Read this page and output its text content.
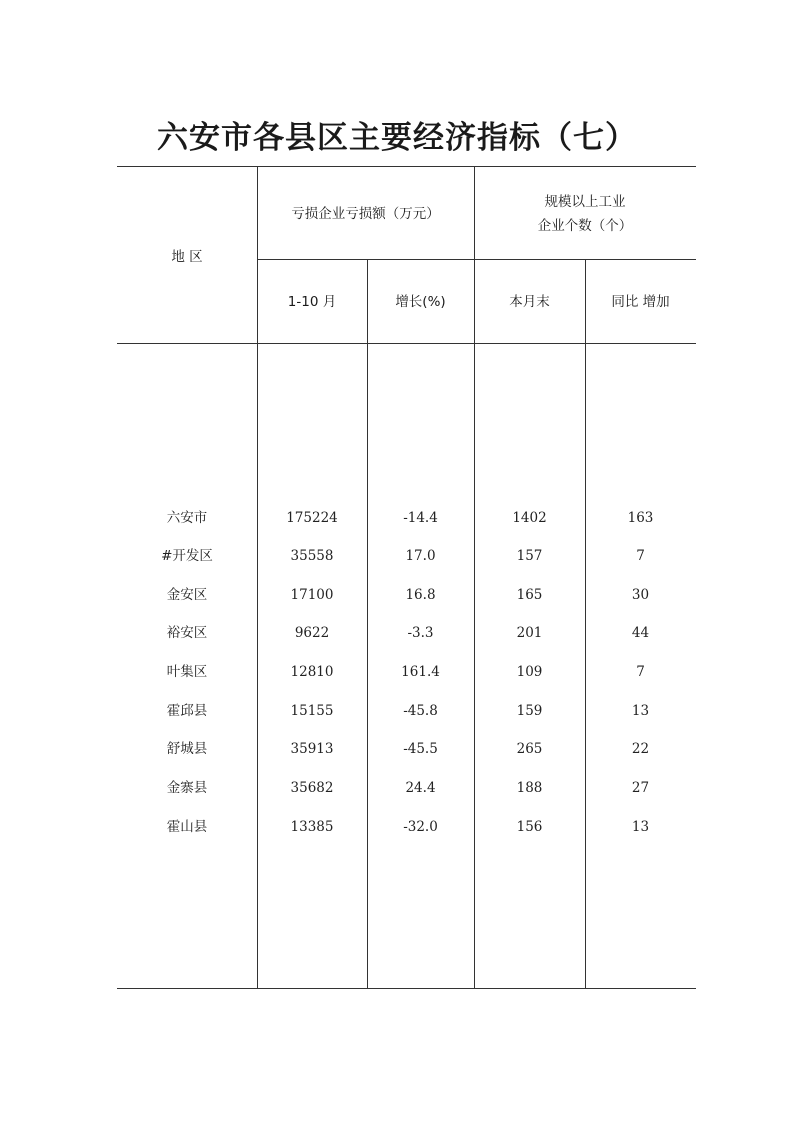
六安市各县区主要经济指标（七）
地 区
亏损企业亏损额（万元）
规模以上工业
企业个数（个）
1-10 月	增长(%)	本月末	同比 增加
六安市	175224	-14.4	1402	163
#开发区	35558	17.0	157	7
金安区	17100	16.8	165	30
裕安区	9622	-3.3	201	44
叶集区	12810	161.4	109	7
霍邱县	15155	-45.8	159	13
舒城县	35913	-45.5	265	22
金寨县	35682	24.4	188	27
霍山县	13385	-32.0	156	13
